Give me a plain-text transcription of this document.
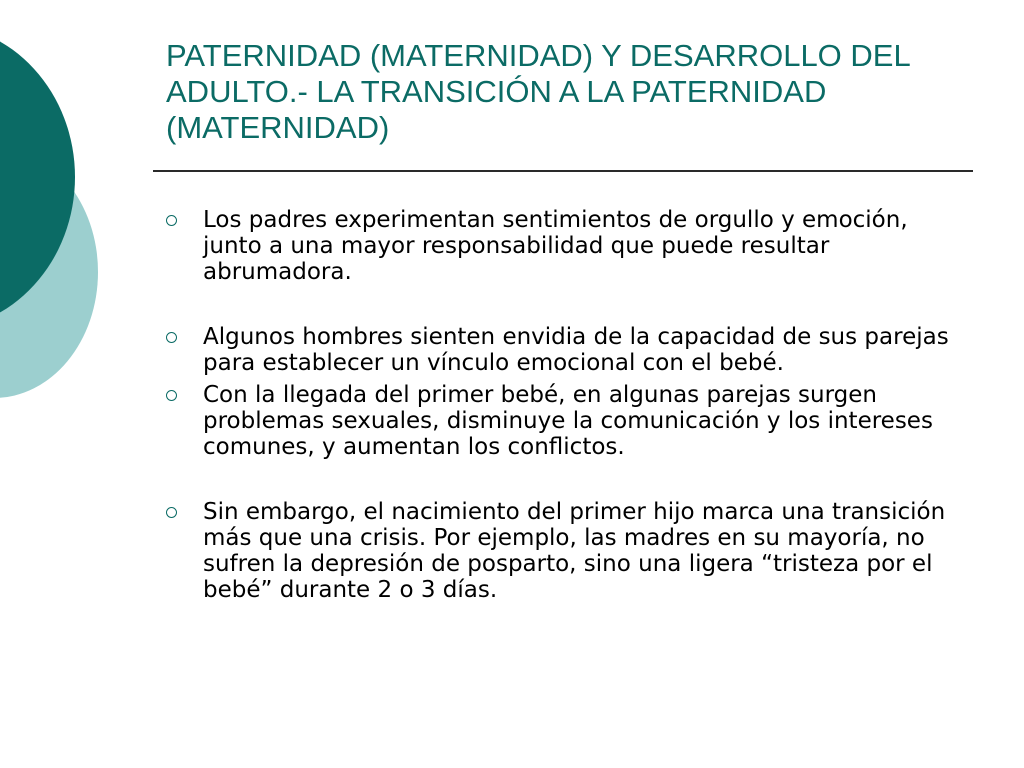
PATERNIDAD (MATERNIDAD) Y DESARROLLO DEL ADULTO.- LA TRANSICIÓN A LA PATERNIDAD (MATERNIDAD)
Los padres experimentan sentimientos de orgullo y emoción, junto a una mayor responsabilidad que puede resultar abrumadora.
Algunos hombres sienten envidia de la capacidad de sus parejas para establecer un vínculo emocional con el bebé.
Con la llegada del primer bebé, en algunas parejas surgen problemas sexuales, disminuye la comunicación y los intereses comunes, y aumentan los conflictos.
Sin embargo, el nacimiento del primer hijo marca una transición más que una crisis. Por ejemplo, las madres en su mayoría, no sufren la depresión de posparto, sino una ligera “tristeza por el bebé” durante 2 o 3 días.
